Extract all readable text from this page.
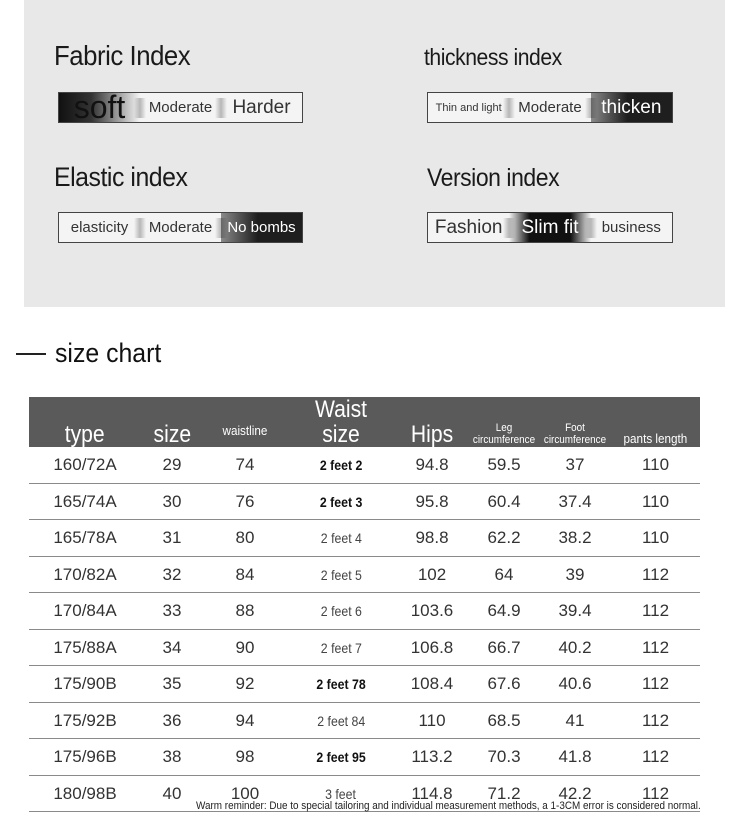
Fabric Index
soft Moderate Harder
thickness index
Thin and light Moderate thicken
Elastic index
elasticity Moderate No bombs
Version index
Fashion Slim fit business
size chart
type	size	waistline	Waist size	Hips	Leg circumference	Foot circumference	pants length
160/72A	29	74	2 feet 2	94.8	59.5	37	110
165/74A	30	76	2 feet 3	95.8	60.4	37.4	110
165/78A	31	80	2 feet 4	98.8	62.2	38.2	110
170/82A	32	84	2 feet 5	102	64	39	112
170/84A	33	88	2 feet 6	103.6	64.9	39.4	112
175/88A	34	90	2 feet 7	106.8	66.7	40.2	112
175/90B	35	92	2 feet 78	108.4	67.6	40.6	112
175/92B	36	94	2 feet 84	110	68.5	41	112
175/96B	38	98	2 feet 95	113.2	70.3	41.8	112
180/98B	40	100	3 feet	114.8	71.2	42.2	112
Warm reminder: Due to special tailoring and individual measurement methods, a 1-3CM error is considered normal.
